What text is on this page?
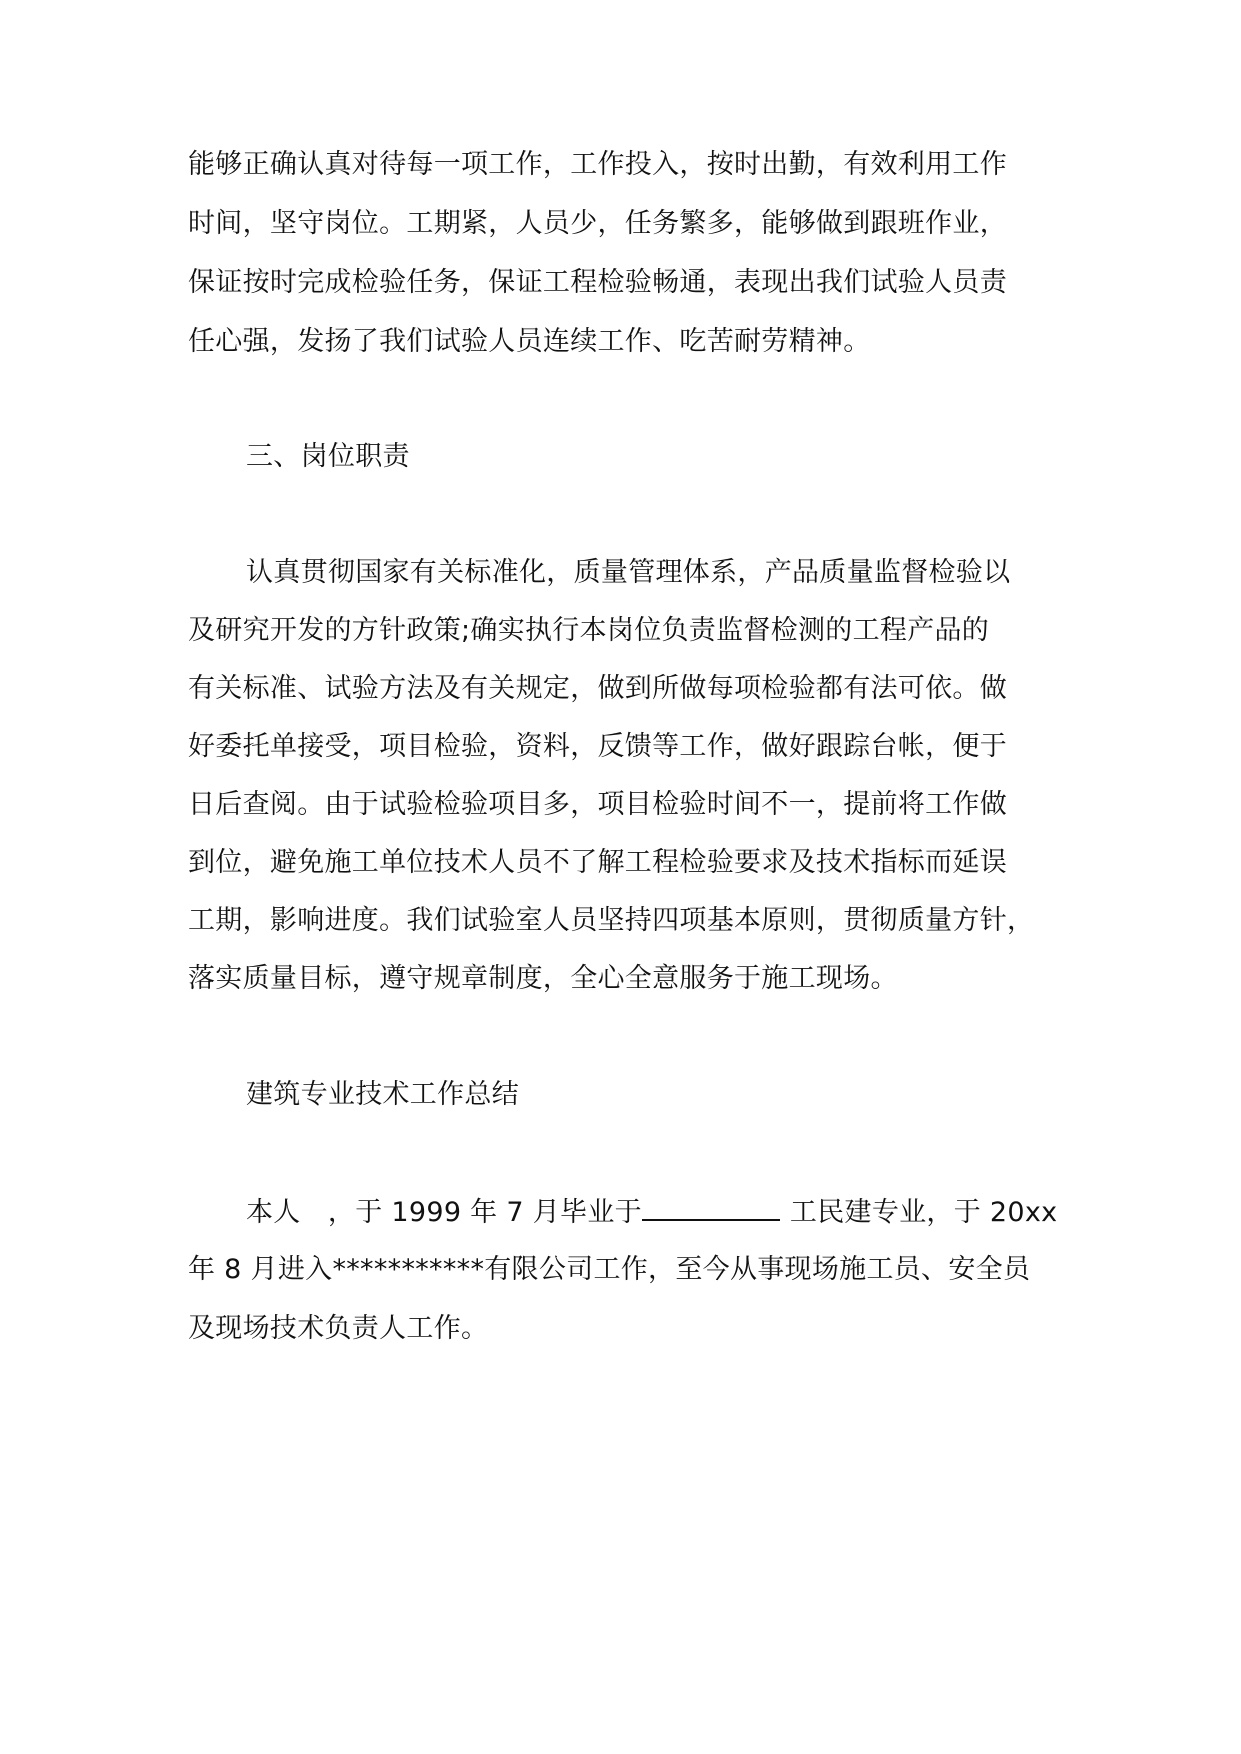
能够正确认真对待每一项工作，工作投入，按时出勤，有效利用工作
时间，坚守岗位。工期紧，人员少，任务繁多，能够做到跟班作业，
保证按时完成检验任务，保证工程检验畅通，表现出我们试验人员责
任心强，发扬了我们试验人员连续工作、吃苦耐劳精神。
三、岗位职责
认真贯彻国家有关标准化，质量管理体系，产品质量监督检验以
及研究开发的方针政策;确实执行本岗位负责监督检测的工程产品的
有关标准、试验方法及有关规定，做到所做每项检验都有法可依。做
好委托单接受，项目检验，资料，反馈等工作，做好跟踪台帐，便于
日后查阅。由于试验检验项目多，项目检验时间不一，提前将工作做
到位，避免施工单位技术人员不了解工程检验要求及技术指标而延误
工期，影响进度。我们试验室人员坚持四项基本原则，贯彻质量方针，
落实质量目标，遵守规章制度，全心全意服务于施工现场。
建筑专业技术工作总结
本人　，于 1999 年 7 月毕业于	工民建专业，于 20xx
年 8 月进入***********有限公司工作，至今从事现场施工员、安全员
及现场技术负责人工作。
